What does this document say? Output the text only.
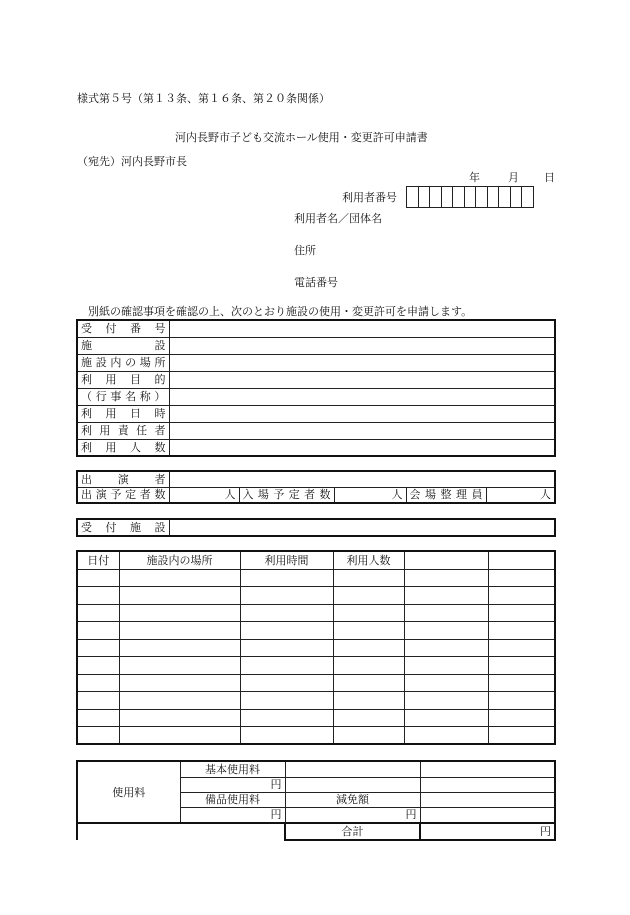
様式第５号（第１３条、第１６条、第２０条関係）
河内長野市子ども交流ホール使用・変更許可申請書
（宛先）河内長野市長
年	月 日
利用者番号
利用者名／団体名
住所
電話番号
別紙の確認事項を確認の上、次のとおり施設の使用・変更許可を申請します。
受付番号	
施設	
施設内の場所	
利用目的	
（行事名称）	
利用日時	
利用責任者	
利用人数	
出演者					
出演予定者数	人	入場予定者数	人	会場整理員	人
受付施設	
日付	施設内の場所	利用時間	利用人数		

使用料	基本使用料		
	円		
	備品使用料	減免額	
	円	円	
		合計	円
